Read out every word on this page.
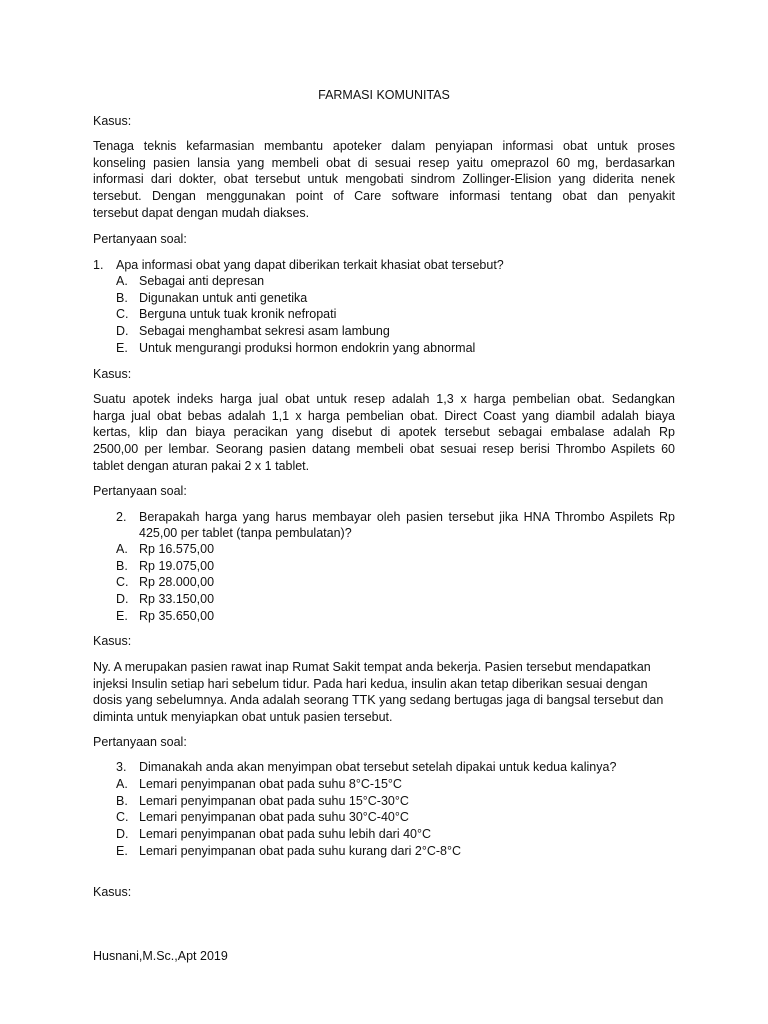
FARMASI KOMUNITAS
Kasus:
Tenaga teknis kefarmasian membantu apoteker dalam penyiapan informasi obat untuk proses
konseling pasien lansia yang membeli obat di sesuai resep yaitu omeprazol 60 mg, berdasarkan
informasi dari dokter, obat tersebut untuk mengobati sindrom Zollinger-Elision yang diderita nenek
tersebut. Dengan menggunakan point of Care software informasi tentang obat dan penyakit
tersebut dapat dengan mudah diakses.
Pertanyaan soal:
1. Apa informasi obat yang dapat diberikan terkait khasiat obat tersebut?
A. Sebagai anti depresan
B. Digunakan untuk anti genetika
C. Berguna untuk tuak kronik nefropati
D. Sebagai menghambat sekresi asam lambung
E. Untuk mengurangi produksi hormon endokrin yang abnormal
Kasus:
Suatu apotek indeks harga jual obat untuk resep adalah 1,3 x harga pembelian obat. Sedangkan
harga jual obat bebas adalah 1,1 x harga pembelian obat. Direct Coast yang diambil adalah biaya
kertas, klip dan biaya peracikan yang disebut di apotek tersebut sebagai embalase adalah Rp
2500,00 per lembar. Seorang pasien datang membeli obat sesuai resep berisi Thrombo Aspilets 60
tablet dengan aturan pakai 2 x 1 tablet.
Pertanyaan soal:
2. Berapakah harga yang harus membayar oleh pasien tersebut jika HNA Thrombo Aspilets Rp
425,00 per tablet (tanpa pembulatan)?
A. Rp 16.575,00
B. Rp 19.075,00
C. Rp 28.000,00
D. Rp 33.150,00
E. Rp 35.650,00
Kasus:
Ny. A merupakan pasien rawat inap Rumat Sakit tempat anda bekerja. Pasien tersebut mendapatkan
injeksi Insulin setiap hari sebelum tidur. Pada hari kedua, insulin akan tetap diberikan sesuai dengan
dosis yang sebelumnya. Anda adalah seorang TTK yang sedang bertugas jaga di bangsal tersebut dan
diminta untuk menyiapkan obat untuk pasien tersebut.
Pertanyaan soal:
3. Dimanakah anda akan menyimpan obat tersebut setelah dipakai untuk kedua kalinya?
A. Lemari penyimpanan obat pada suhu 8°C-15°C
B. Lemari penyimpanan obat pada suhu 15°C-30°C
C. Lemari penyimpanan obat pada suhu 30°C-40°C
D. Lemari penyimpanan obat pada suhu lebih dari 40°C
E. Lemari penyimpanan obat pada suhu kurang dari 2°C-8°C
Kasus:
Husnani,M.Sc.,Apt 2019
